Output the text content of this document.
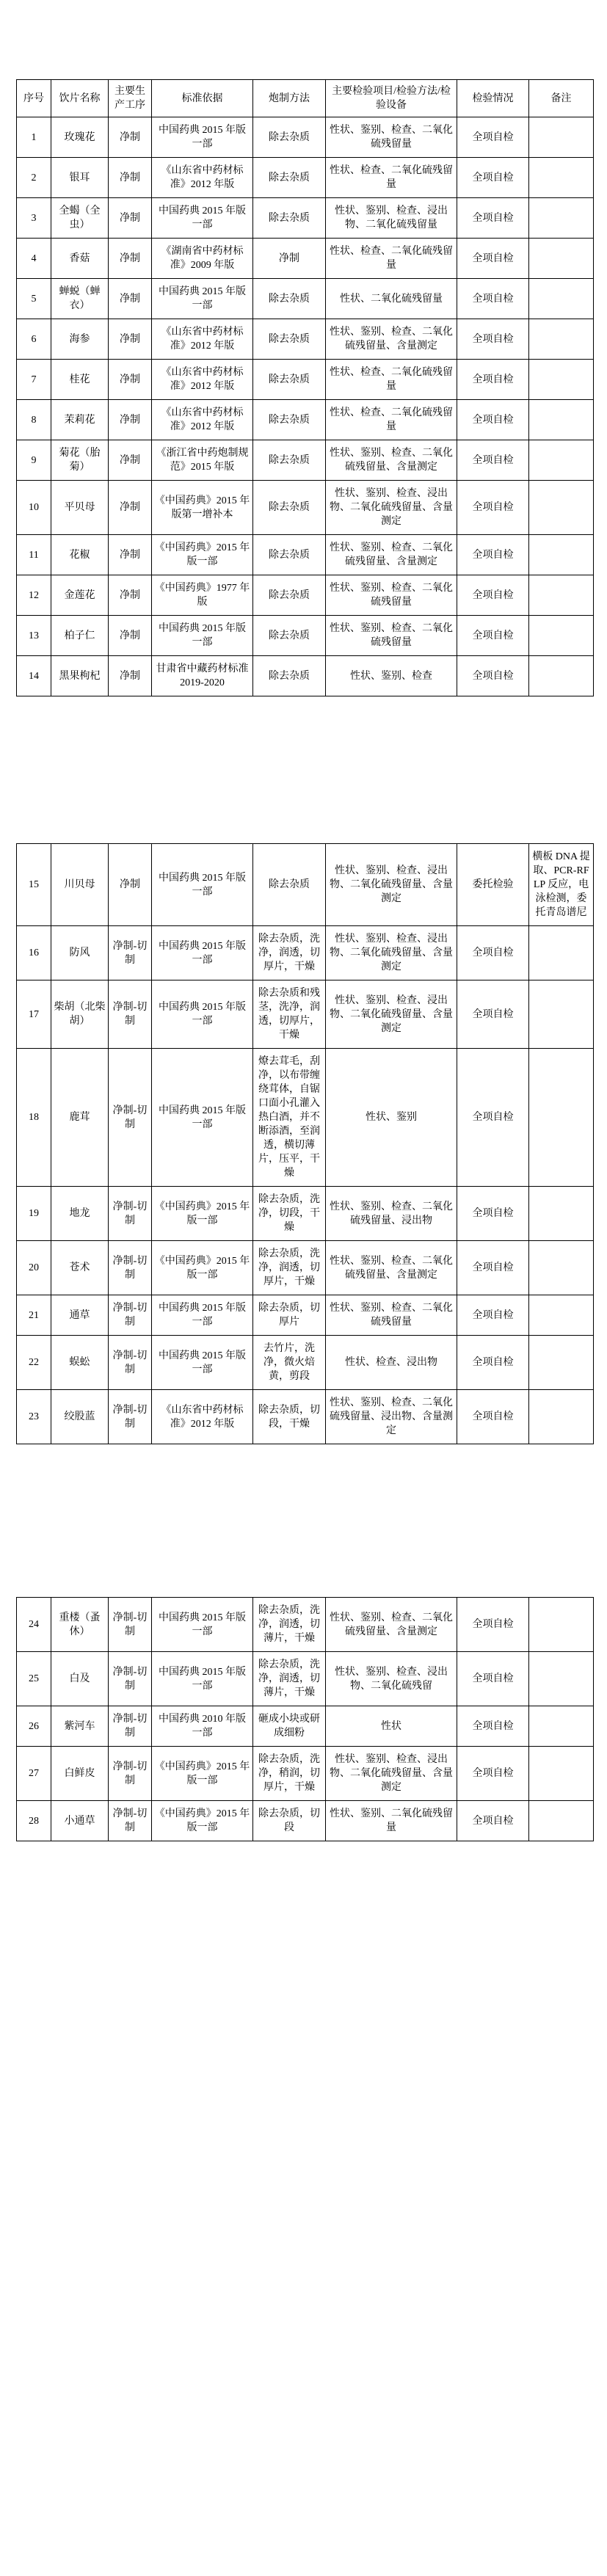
序号	饮片名称	主要生产工序	标准依据	炮制方法	主要检验项目/检验方法/检验设备	检验情况	备注
1	玫瑰花	净制	中国药典 2015 年版一部	除去杂质	性状、鉴别、检查、二氧化硫残留量	全项自检	
2	银耳	净制	《山东省中药材标准》2012 年版	除去杂质	性状、检查、二氧化硫残留量	全项自检	
3	全蝎（全虫）	净制	中国药典 2015 年版一部	除去杂质	性状、鉴别、检查、浸出物、二氧化硫残留量	全项自检	
4	香菇	净制	《湖南省中药材标准》2009 年版	净制	性状、检查、二氧化硫残留量	全项自检	
5	蝉蜕（蝉衣）	净制	中国药典 2015 年版一部	除去杂质	性状、二氧化硫残留量	全项自检	
6	海参	净制	《山东省中药材标准》2012 年版	除去杂质	性状、鉴别、检查、二氧化硫残留量、含量测定	全项自检	
7	桂花	净制	《山东省中药材标准》2012 年版	除去杂质	性状、检查、二氧化硫残留量	全项自检	
8	茉莉花	净制	《山东省中药材标准》2012 年版	除去杂质	性状、检查、二氧化硫残留量	全项自检	
9	菊花（胎菊）	净制	《浙江省中药炮制规范》2015 年版	除去杂质	性状、鉴别、检查、二氧化硫残留量、含量测定	全项自检	
10	平贝母	净制	《中国药典》2015 年版第一增补本	除去杂质	性状、鉴别、检查、浸出物、二氧化硫残留量、含量测定	全项自检	
11	花椒	净制	《中国药典》2015 年版一部	除去杂质	性状、鉴别、检查、二氧化硫残留量、含量测定	全项自检	
12	金莲花	净制	《中国药典》1977 年版	除去杂质	性状、鉴别、检查、二氧化硫残留量	全项自检	
13	柏子仁	净制	中国药典 2015 年版一部	除去杂质	性状、鉴别、检查、二氧化硫残留量	全项自检	
14	黑果枸杞	净制	甘肃省中藏药材标准 2019-2020	除去杂质	性状、鉴别、检查	全项自检	
15	川贝母	净制	中国药典 2015 年版一部	除去杂质	性状、鉴别、检查、浸出物、二氧化硫残留量、含量测定	委托检验	横板 DNA 提取、PCR-RFLP 反应，电泳检测，委托青岛谱尼
16	防风	净制-切制	中国药典 2015 年版一部	除去杂质，洗净，润透，切厚片，干燥	性状、鉴别、检查、浸出物、二氧化硫残留量、含量测定	全项自检	
17	柴胡（北柴胡）	净制-切制	中国药典 2015 年版一部	除去杂质和残茎，洗净，润透，切厚片，干燥	性状、鉴别、检查、浸出物、二氧化硫残留量、含量测定	全项自检	
18	鹿茸	净制-切制	中国药典 2015 年版一部	燎去茸毛，刮净，以布带缠绕茸体，自锯口面小孔灌入热白酒，并不断添酒，至润透，横切薄片，压平，干燥	性状、鉴别	全项自检	
19	地龙	净制-切制	《中国药典》2015 年版一部	除去杂质，洗净，切段，干燥	性状、鉴别、检查、二氧化硫残留量、浸出物	全项自检	
20	苍术	净制-切制	《中国药典》2015 年版一部	除去杂质，洗净，润透，切厚片，干燥	性状、鉴别、检查、二氧化硫残留量、含量测定	全项自检	
21	通草	净制-切制	中国药典 2015 年版一部	除去杂质，切厚片	性状、鉴别、检查、二氧化硫残留量	全项自检	
22	蜈蚣	净制-切制	中国药典 2015 年版一部	去竹片，洗净，微火焙黄，剪段	性状、检查、浸出物	全项自检	
23	绞股蓝	净制-切制	《山东省中药材标准》2012 年版	除去杂质，切段，干燥	性状、鉴别、检查、二氧化硫残留量、浸出物、含量测定	全项自检	
24	重楼（蚤休）	净制-切制	中国药典 2015 年版一部	除去杂质，洗净，润透，切薄片，干燥	性状、鉴别、检查、二氧化硫残留量、含量测定	全项自检	
25	白及	净制-切制	中国药典 2015 年版一部	除去杂质，洗净，润透，切薄片，干燥	性状、鉴别、检查、浸出物、二氧化硫残留	全项自检	
26	紫河车	净制-切制	中国药典 2010 年版一部	砸成小块或研成细粉	性状	全项自检	
27	白鲜皮	净制-切制	《中国药典》2015 年版一部	除去杂质，洗净，稍润，切厚片，干燥	性状、鉴别、检查、浸出物、二氧化硫残留量、含量测定	全项自检	
28	小通草	净制-切制	《中国药典》2015 年版一部	除去杂质，切段	性状、鉴别、二氧化硫残留量	全项自检	
